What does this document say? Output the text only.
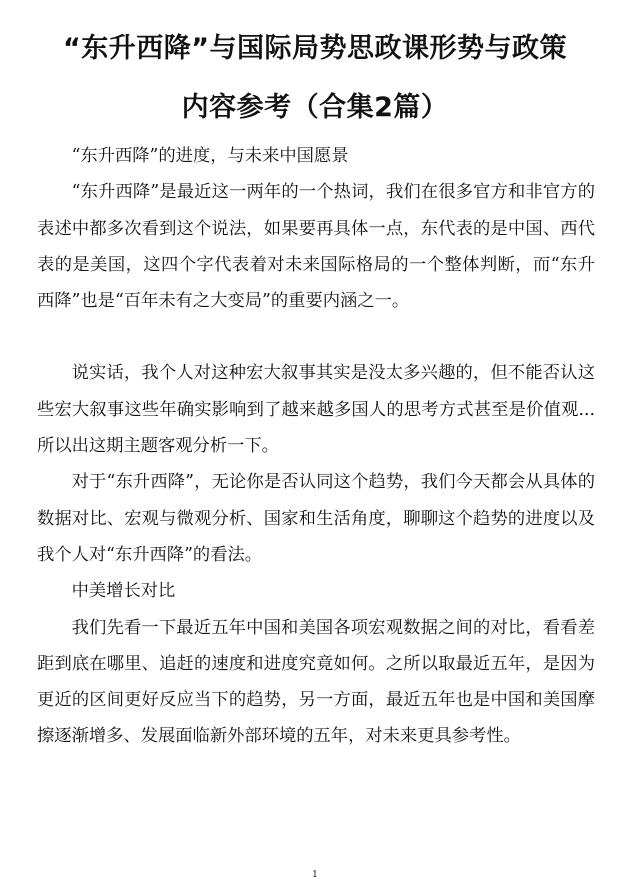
“东升西降”与国际局势思政课形势与政策
内容参考（合集2篇）

“东升西降”的进度，与未来中国愿景

“东升西降”是最近这一两年的一个热词，我们在很多官方和非官方的表述中都多次看到这个说法，如果要再具体一点，东代表的是中国、西代表的是美国，这四个字代表着对未来国际格局的一个整体判断，而“东升西降”也是“百年未有之大变局”的重要内涵之一。

说实话，我个人对这种宏大叙事其实是没太多兴趣的，但不能否认这些宏大叙事这些年确实影响到了越来越多国人的思考方式甚至是价值观...所以出这期主题客观分析一下。

对于“东升西降”，无论你是否认同这个趋势，我们今天都会从具体的数据对比、宏观与微观分析、国家和生活角度，聊聊这个趋势的进度以及我个人对“东升西降”的看法。

中美增长对比

我们先看一下最近五年中国和美国各项宏观数据之间的对比，看看差距到底在哪里、追赶的速度和进度究竟如何。之所以取最近五年，是因为更近的区间更好反应当下的趋势，另一方面，最近五年也是中国和美国摩擦逐渐增多、发展面临新外部环境的五年，对未来更具参考性。

1
